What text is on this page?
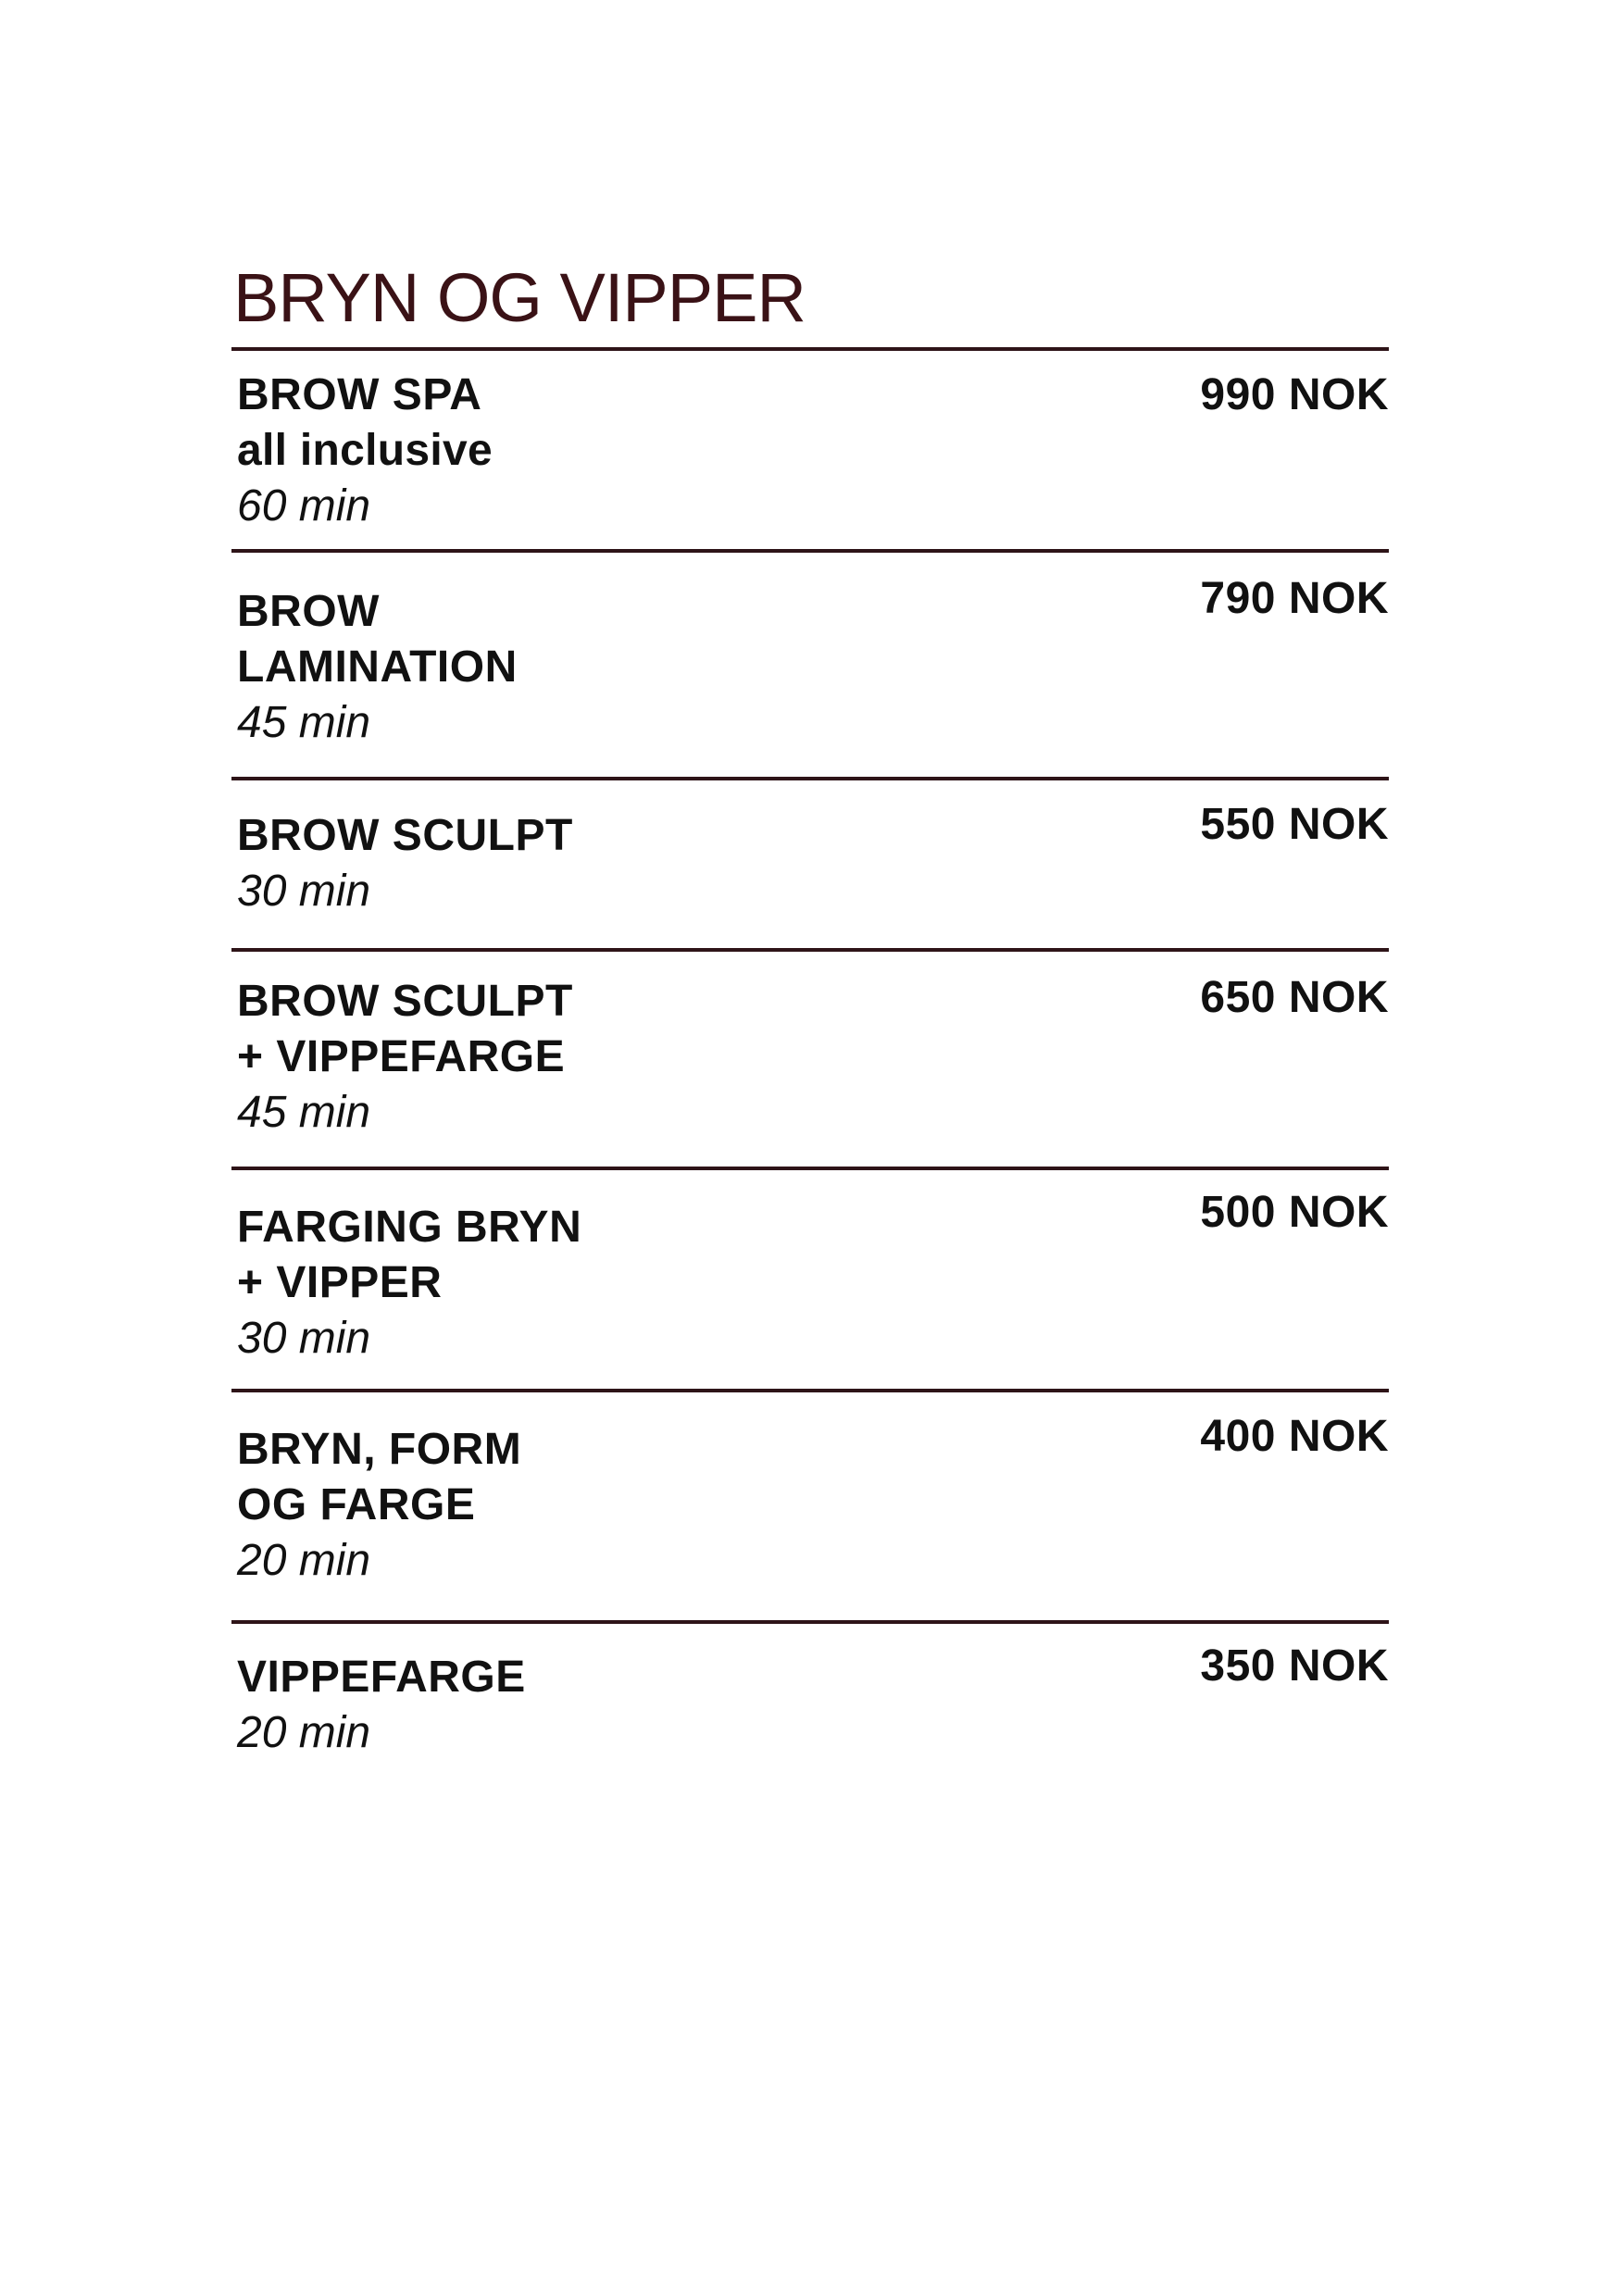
BRYN OG VIPPER
990 NOK
BROW SPA
all inclusive
60 min
790 NOK
BROW
LAMINATION
45 min
550 NOK
BROW SCULPT
30 min
650 NOK
BROW SCULPT
+ VIPPEFARGE
45 min
500 NOK
FARGING BRYN
+ VIPPER
30 min
400 NOK
BRYN, FORM
OG FARGE
20 min
350 NOK
VIPPEFARGE
20 min
